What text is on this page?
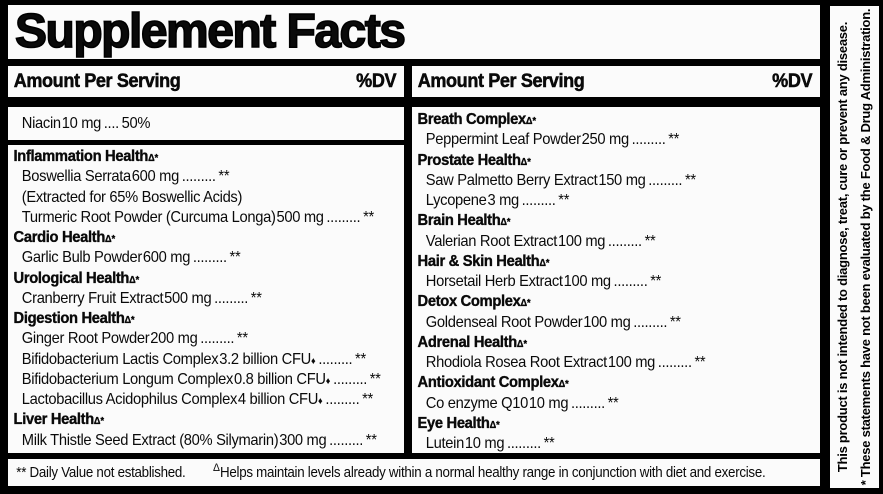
Supplement Facts
Amount Per Serving	%DV Amount Per Serving	%DV
Niacin 10 mg .... 50%
Inflammation Health Δ*
Boswellia Serrata 600 mg ......... **
(Extracted for 65% Boswellic Acids)
Turmeric Root Powder (Curcuma Longa) 500 mg ......... **
Cardio Health Δ*
Garlic Bulb Powder 600 mg ......... **
Urological Health Δ*
Cranberry Fruit Extract 500 mg ......... **
Digestion Health Δ*
Ginger Root Powder 200 mg ......... **
Bifidobacterium Lactis Complex 3.2 billion CFU ♦ ......... **
Bifidobacterium Longum Complex 0.8 billion CFU ♦ ......... **
Lactobacillus Acidophilus Complex 4 billion CFU ♦ ......... **
Liver Health Δ*
Milk Thistle Seed Extract (80% Silymarin) 300 mg ......... **
Breath Complex Δ*
Peppermint Leaf Powder 250 mg ......... **
Prostate Health Δ*
Saw Palmetto Berry Extract 150 mg ......... **
Lycopene 3 mg ......... **
Brain Health Δ*
Valerian Root Extract 100 mg ......... **
Hair & Skin Health Δ*
Horsetail Herb Extract 100 mg ......... **
Detox Complex Δ*
Goldenseal Root Powder 100 mg ......... **
Adrenal Health Δ*
Rhodiola Rosea Root Extract 100 mg ......... **
Antioxidant Complex Δ*
Co enzyme Q10 10 mg ......... **
Eye Health Δ*
Lutein 10 mg ......... **
** Daily Value not established. $^\Delta$Helps maintain levels already within a normal healthy range in conjunction with diet and exercise.
This product is not intended to diagnose, treat, cure or prevent any disease. * These statements have not been evaluated by the Food & Drug Administration.
